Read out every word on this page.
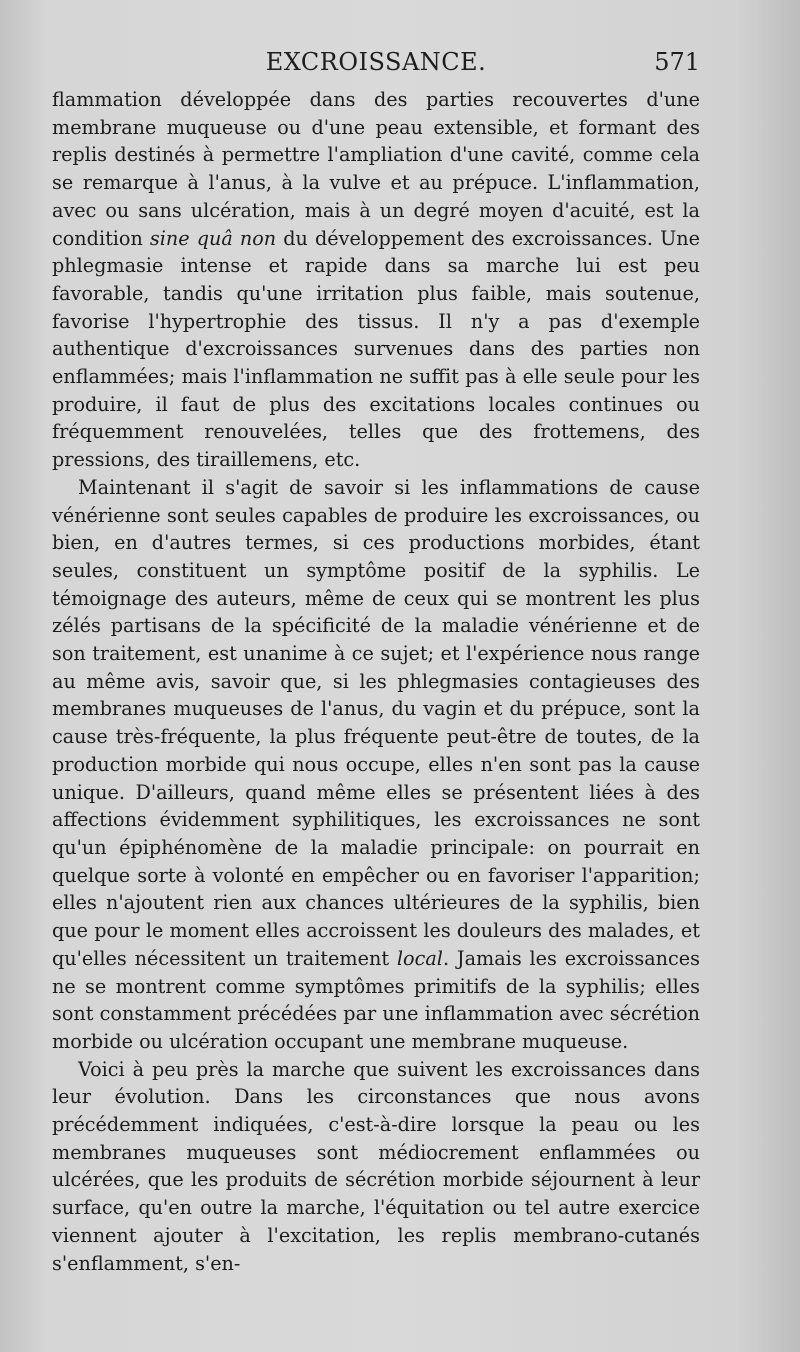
EXCROISSANCE.	571

flammation développée dans des parties recouvertes d'une membrane muqueuse ou d'une peau extensible, et formant des replis destinés à permettre l'ampliation d'une cavité, comme cela se remarque à l'anus, à la vulve et au prépuce. L'inflammation, avec ou sans ulcération, mais à un degré moyen d'acuité, est la condition sine quâ non du développement des excroissances. Une phlegmasie intense et rapide dans sa marche lui est peu favorable, tandis qu'une irritation plus faible, mais soutenue, favorise l'hypertrophie des tissus. Il n'y a pas d'exemple authentique d'excroissances survenues dans des parties non enflammées; mais l'inflammation ne suffit pas à elle seule pour les produire, il faut de plus des excitations locales continues ou fréquemment renouvelées, telles que des frottemens, des pressions, des tiraillemens, etc.

Maintenant il s'agit de savoir si les inflammations de cause vénérienne sont seules capables de produire les excroissances, ou bien, en d'autres termes, si ces productions morbides, étant seules, constituent un symptôme positif de la syphilis. Le témoignage des auteurs, même de ceux qui se montrent les plus zélés partisans de la spécificité de la maladie vénérienne et de son traitement, est unanime à ce sujet; et l'expérience nous range au même avis, savoir que, si les phlegmasies contagieuses des membranes muqueuses de l'anus, du vagin et du prépuce, sont la cause très-fréquente, la plus fréquente peut-être de toutes, de la production morbide qui nous occupe, elles n'en sont pas la cause unique. D'ailleurs, quand même elles se présentent liées à des affections évidemment syphilitiques, les excroissances ne sont qu'un épiphénomène de la maladie principale: on pourrait en quelque sorte à volonté en empêcher ou en favoriser l'apparition; elles n'ajoutent rien aux chances ultérieures de la syphilis, bien que pour le moment elles accroissent les douleurs des malades, et qu'elles nécessitent un traitement local. Jamais les excroissances ne se montrent comme symptômes primitifs de la syphilis; elles sont constamment précédées par une inflammation avec sécrétion morbide ou ulcération occupant une membrane muqueuse.

Voici à peu près la marche que suivent les excroissances dans leur évolution. Dans les circonstances que nous avons précédemment indiquées, c'est-à-dire lorsque la peau ou les membranes muqueuses sont médiocrement enflammées ou ulcérées, que les produits de sécrétion morbide séjournent à leur surface, qu'en outre la marche, l'équitation ou tel autre exercice viennent ajouter à l'excitation, les replis membrano-cutanés s'enflamment, s'en-
